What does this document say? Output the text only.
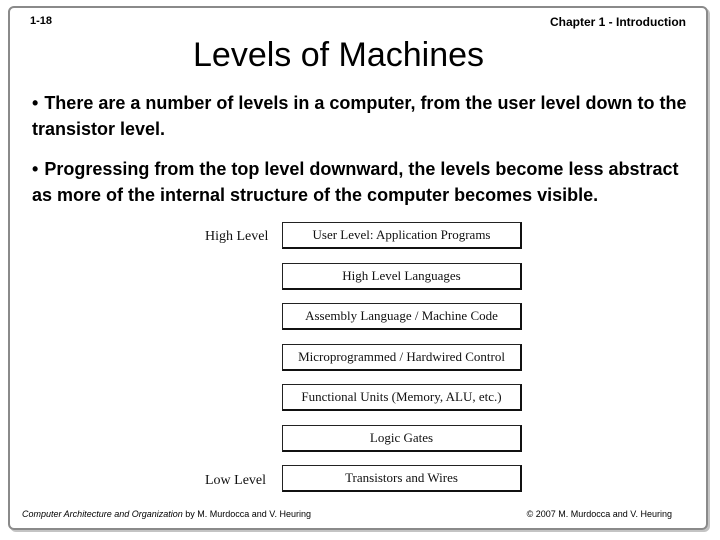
1-18	Chapter 1 - Introduction
Levels of Machines
• There are a number of levels in a computer, from the user level down to the transistor level.
• Progressing from the top level downward, the levels become less abstract as more of the internal structure of the computer becomes visible.
High Level
Low Level
User Level: Application Programs
High Level Languages
Assembly Language / Machine Code
Microprogrammed / Hardwired Control
Functional Units (Memory, ALU, etc.)
Logic Gates
Transistors and Wires
Computer Architecture and Organization by M. Murdocca and V. Heuring	© 2007 M. Murdocca and V. Heuring
